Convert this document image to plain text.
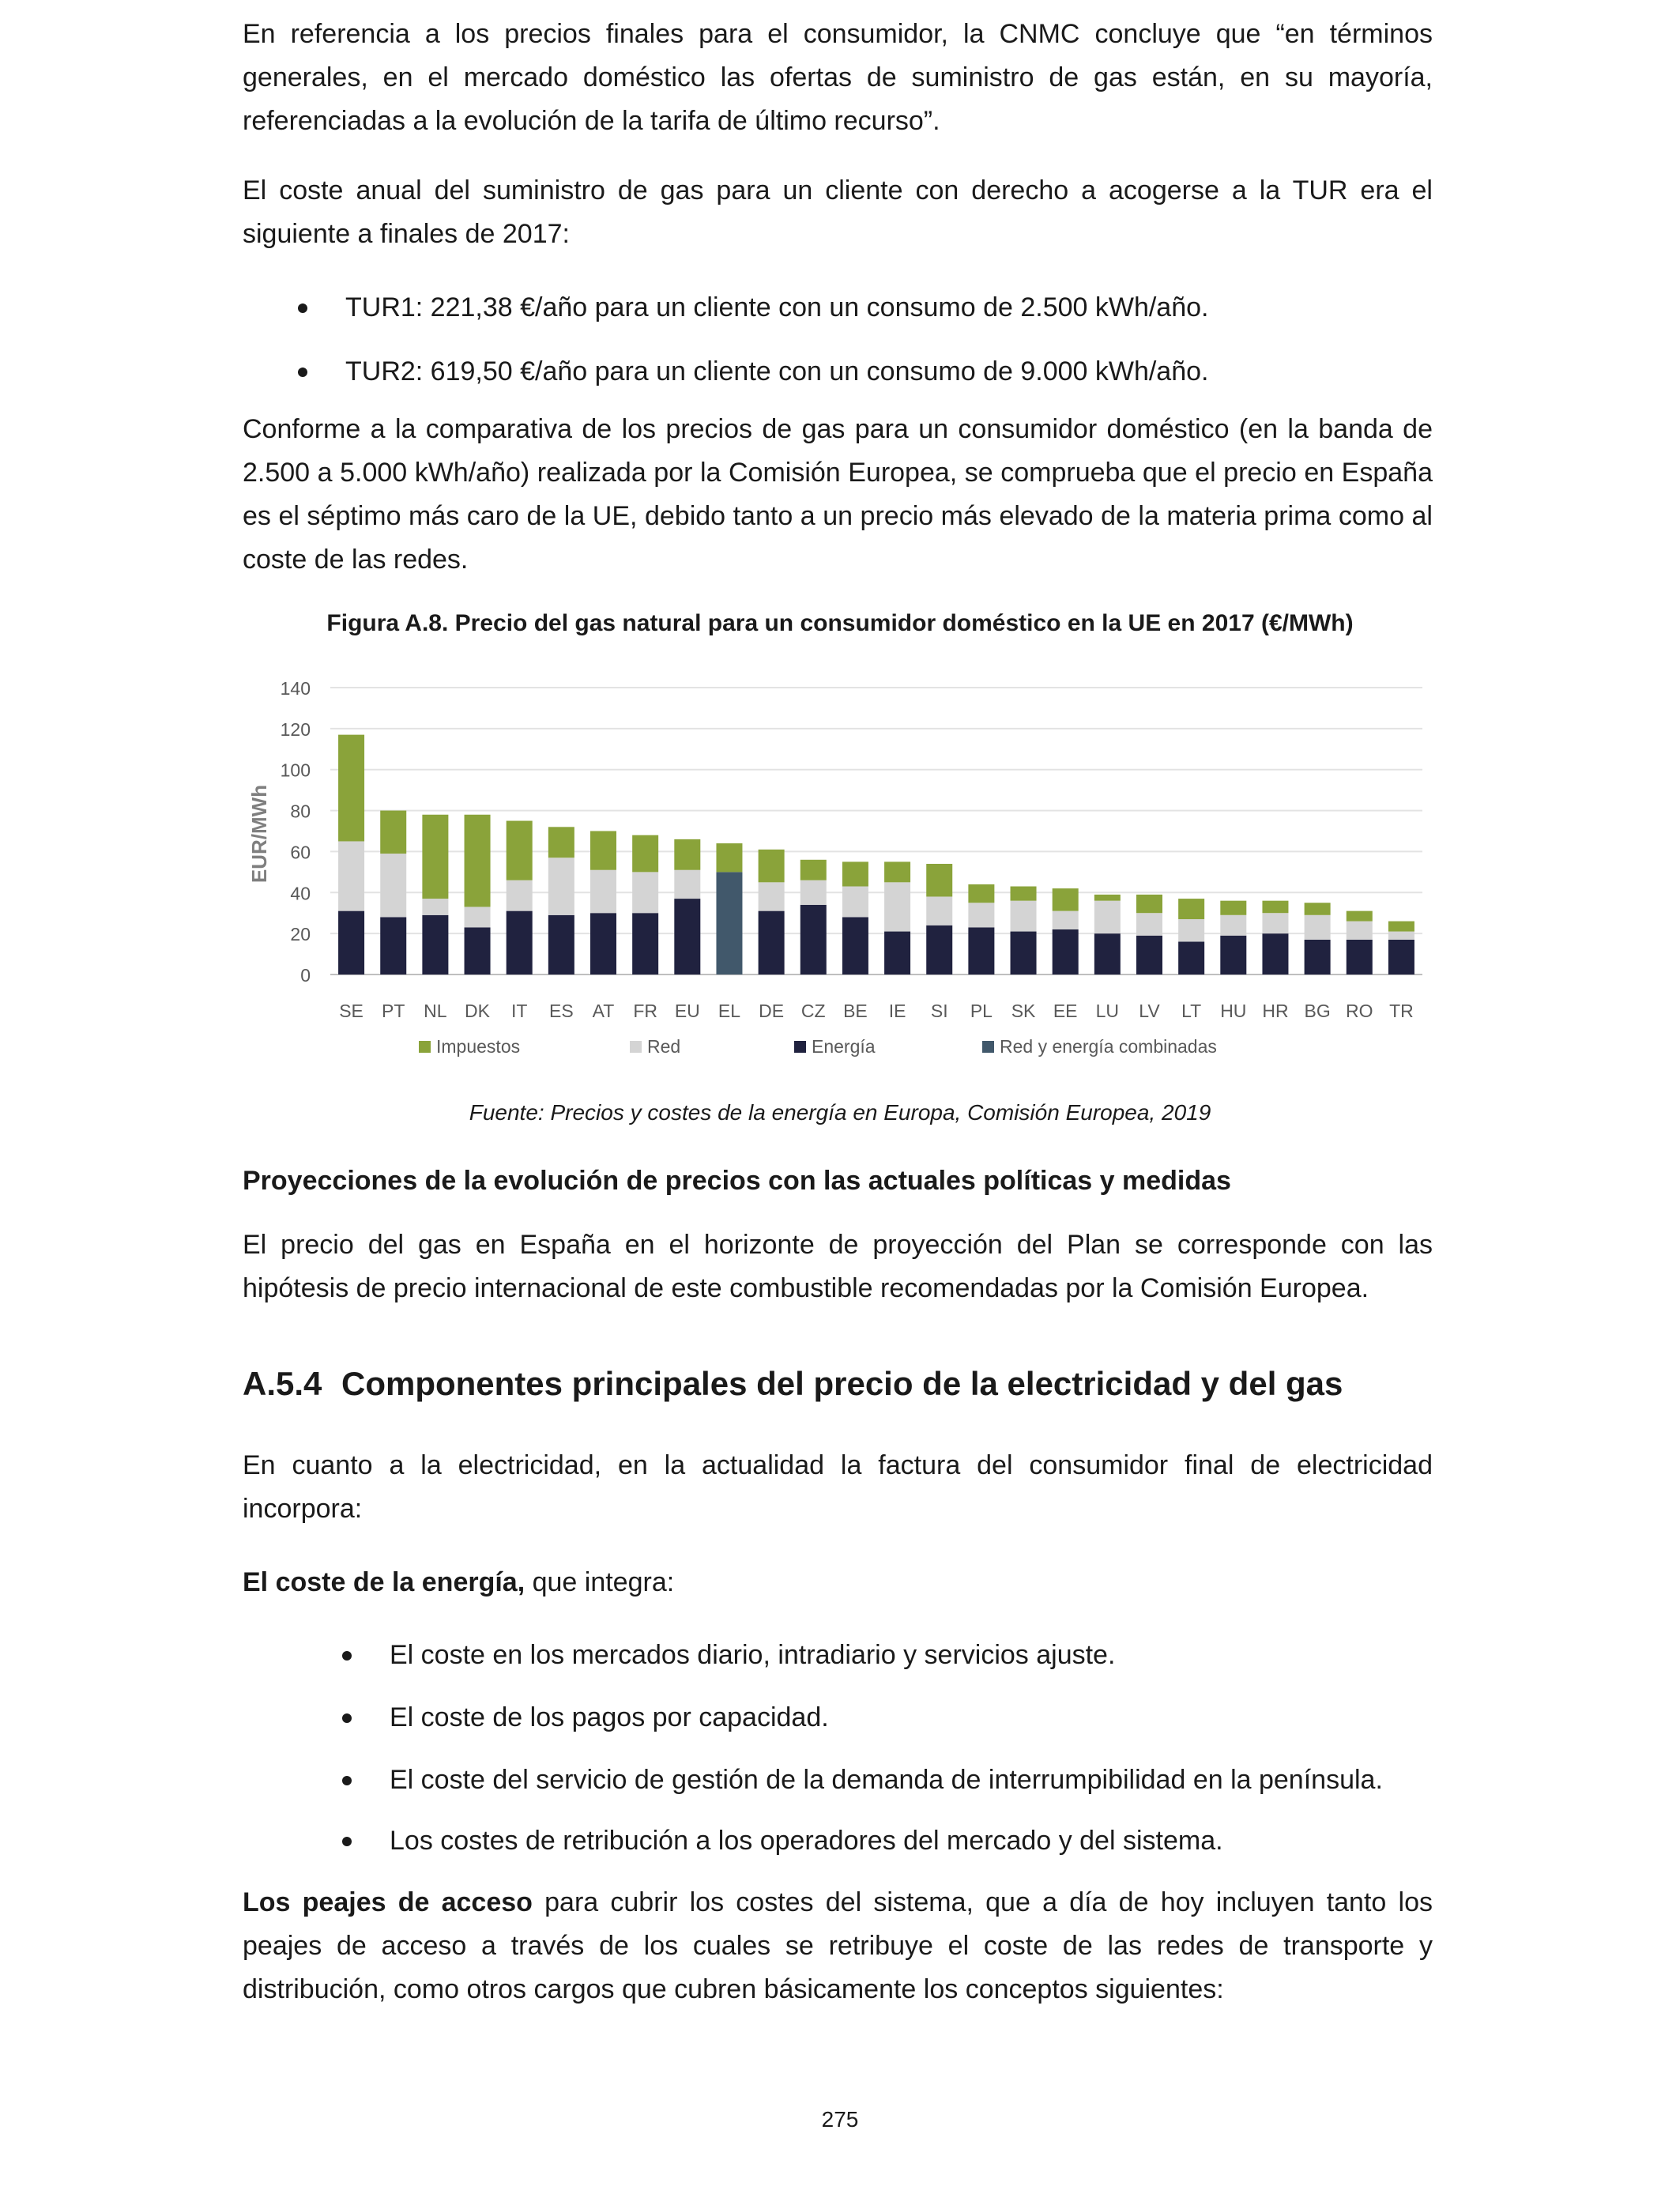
En referencia a los precios finales para el consumidor, la CNMC concluye que “en términos generales, en el mercado doméstico las ofertas de suministro de gas están, en su mayoría, referenciadas a la evolución de la tarifa de último recurso”.

El coste anual del suministro de gas para un cliente con derecho a acogerse a la TUR era el siguiente a finales de 2017:

TUR1: 221,38 €/año para un cliente con un consumo de 2.500 kWh/año.
TUR2: 619,50 €/año para un cliente con un consumo de 9.000 kWh/año.

Conforme a la comparativa de los precios de gas para un consumidor doméstico (en la banda de 2.500 a 5.000 kWh/año) realizada por la Comisión Europea, se comprueba que el precio en España es el séptimo más caro de la UE, debido tanto a un precio más elevado de la materia prima como al coste de las redes.

Figura A.8. Precio del gas natural para un consumidor doméstico en la UE en 2017 (€/MWh)

0
20
40
60
80
100
120
140
SE PT NL DK IT ES AT FR EU EL DE CZ BE IE SI PL SK EE LU LV LT HU HR BG RO TR
EUR/MWh
Impuestos	Red	Energía	Red y energía combinadas

Fuente: Precios y costes de la energía en Europa, Comisión Europea, 2019

Proyecciones de la evolución de precios con las actuales políticas y medidas

El precio del gas en España en el horizonte de proyección del Plan se corresponde con las hipótesis de precio internacional de este combustible recomendadas por la Comisión Europea.

A.5.4 Componentes principales del precio de la electricidad y del gas

En cuanto a la electricidad, en la actualidad la factura del consumidor final de electricidad incorpora:

El coste de la energía, que integra:

El coste en los mercados diario, intradiario y servicios ajuste.
El coste de los pagos por capacidad.
El coste del servicio de gestión de la demanda de interrumpibilidad en la península.
Los costes de retribución a los operadores del mercado y del sistema.

Los peajes de acceso para cubrir los costes del sistema, que a día de hoy incluyen tanto los peajes de acceso a través de los cuales se retribuye el coste de las redes de transporte y distribución, como otros cargos que cubren básicamente los conceptos siguientes:

275
